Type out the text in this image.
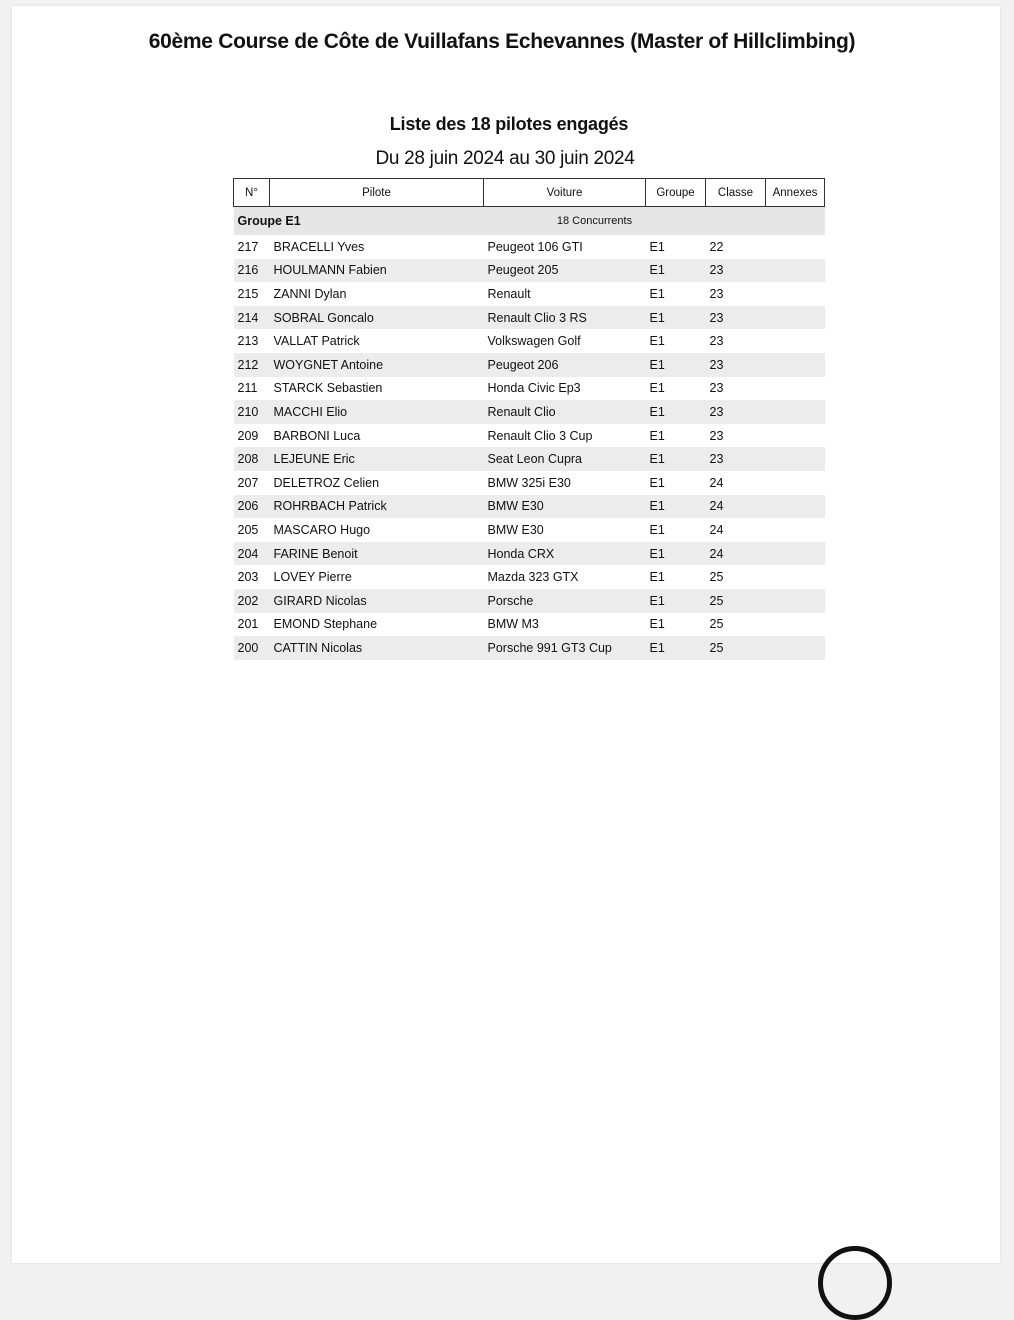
60ème Course de Côte de Vuillafans Echevannes (Master of Hillclimbing)
Liste des 18 pilotes engagés
Du 28 juin 2024 au 30 juin 2024
N°	Pilote	Voiture	Groupe	Classe	Annexes
Groupe E1		18 Concurrents			
217	BRACELLI Yves	Peugeot 106 GTI	E1	22	
216	HOULMANN Fabien	Peugeot 205	E1	23	
215	ZANNI Dylan	Renault	E1	23	
214	SOBRAL Goncalo	Renault Clio 3 RS	E1	23	
213	VALLAT Patrick	Volkswagen Golf	E1	23	
212	WOYGNET Antoine	Peugeot 206	E1	23	
211	STARCK Sebastien	Honda Civic Ep3	E1	23	
210	MACCHI Elio	Renault Clio	E1	23	
209	BARBONI Luca	Renault Clio 3 Cup	E1	23	
208	LEJEUNE Eric	Seat Leon Cupra	E1	23	
207	DELETROZ Celien	BMW 325i E30	E1	24	
206	ROHRBACH Patrick	BMW E30	E1	24	
205	MASCARO Hugo	BMW E30	E1	24	
204	FARINE Benoit	Honda CRX	E1	24	
203	LOVEY Pierre	Mazda 323 GTX	E1	25	
202	GIRARD Nicolas	Porsche	E1	25	
201	EMOND Stephane	BMW M3	E1	25	
200	CATTIN Nicolas	Porsche 991 GT3 Cup	E1	25	
